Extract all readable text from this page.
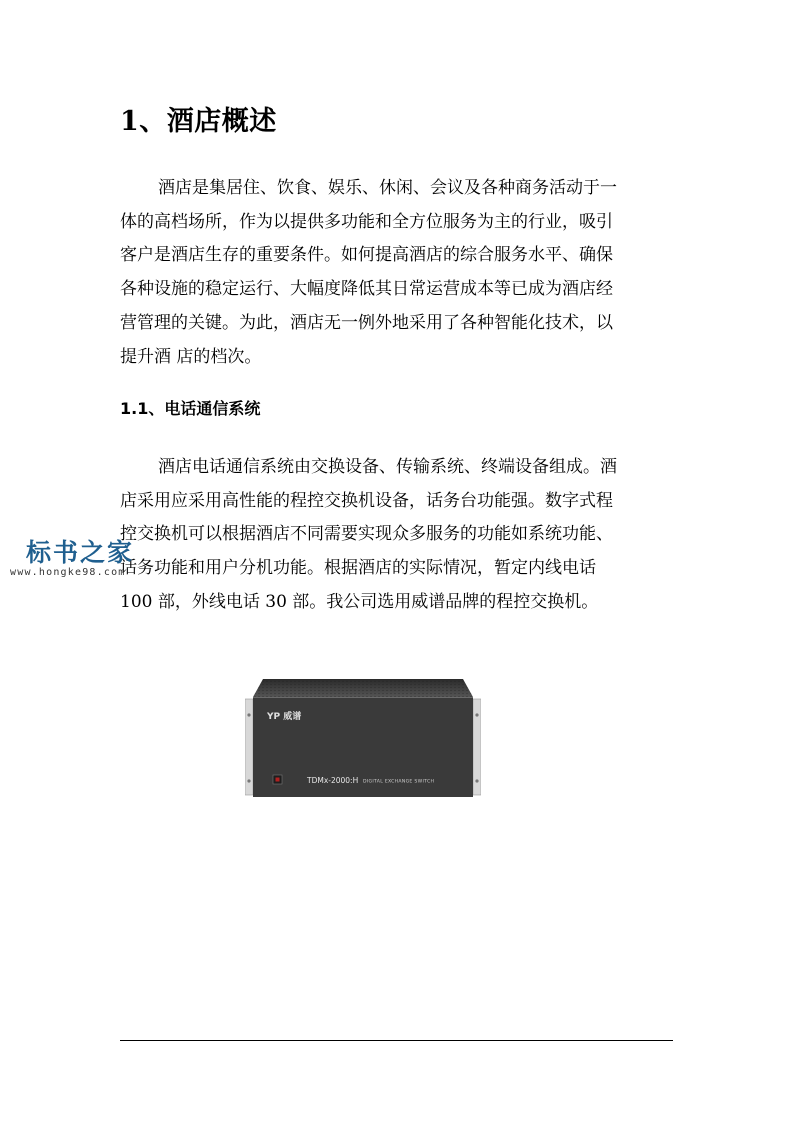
1、酒店概述
酒店是集居住、饮食、娱乐、休闲、会议及各种商务活动于一
体的高档场所，作为以提供多功能和全方位服务为主的行业，吸引
客户是酒店生存的重要条件。如何提高酒店的综合服务水平、确保
各种设施的稳定运行、大幅度降低其日常运营成本等已成为酒店经
营管理的关键。为此，酒店无一例外地采用了各种智能化技术，以
提升酒 店的档次。
1.1、电话通信系统
酒店电话通信系统由交换设备、传输系统、终端设备组成。酒
店采用应采用高性能的程控交换机设备，话务台功能强。数字式程
控交换机可以根据酒店不同需要实现众多服务的功能如系统功能、
话务功能和用户分机功能。根据酒店的实际情况，暂定内线电话
100 部，外线电话 30 部。我公司选用威谱品牌的程控交换机。
标书之家
www.hongke98.com
YP 威谱
TDMx-2000:H DIGITAL EXCHANGE SWITCH
